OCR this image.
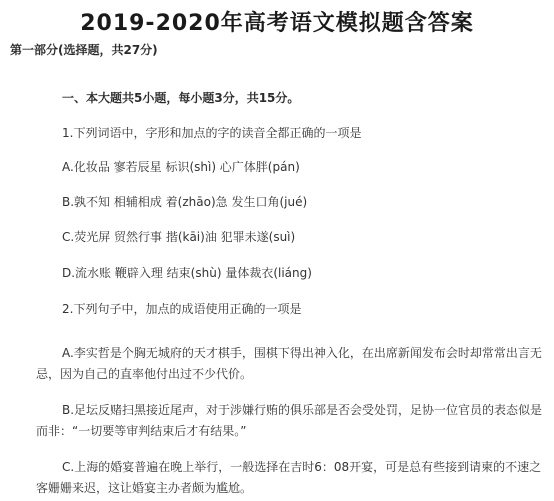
2019-2020年高考语文模拟题含答案
第一部分(选择题，共27分)
一、本大题共5小题，每小题3分，共15分。
1.下列词语中，字形和加点的字的读音全都正确的一项是
A.化妆品 寥若辰星 标识(shì) 心广体胖(pán)
B.孰不知 相辅相成 着(zhāo)急 发生口角(jué)
C.荧光屏 贸然行事 揩(kāi)油 犯罪未遂(suì)
D.流水账 鞭辟入理 结束(shù) 量体裁衣(liáng)
2.下列句子中，加点的成语使用正确的一项是
A.李实哲是个胸无城府的天才棋手，围棋下得出神入化，在出席新闻发布会时却常常出言无忌，因为自己的直率他付出过不少代价。
B.足坛反赌扫黑接近尾声，对于涉嫌行贿的俱乐部是否会受处罚，足协一位官员的表态似是而非：“一切要等审判结束后才有结果。”
C.上海的婚宴普遍在晚上举行，一般选择在吉时6：08开宴，可是总有些接到请柬的不速之客姗姗来迟，这让婚宴主办者颇为尴尬。
